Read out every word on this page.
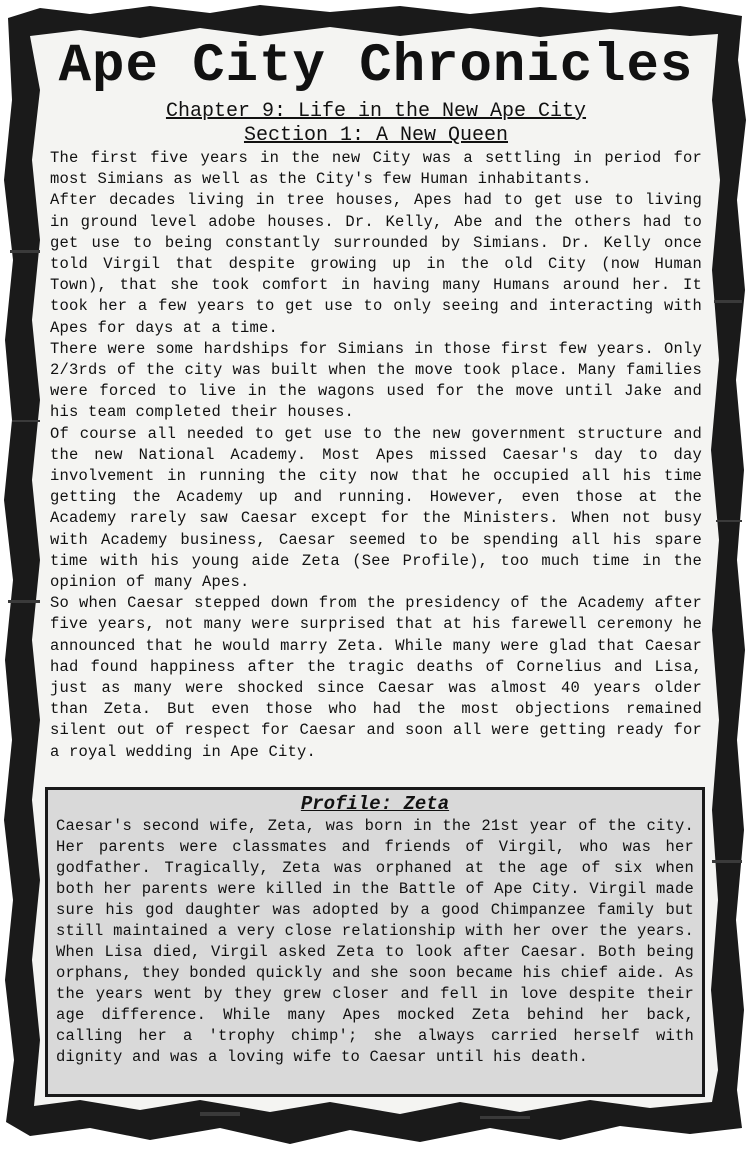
Ape City Chronicles
Chapter 9: Life in the New Ape City
Section 1: A New Queen

The first five years in the new City was a settling in period for most Simians as well as the City's few Human inhabitants.

After decades living in tree houses, Apes had to get use to living in ground level adobe houses. Dr. Kelly, Abe and the others had to get use to being constantly surrounded by Simians. Dr. Kelly once told Virgil that despite growing up in the old City (now Human Town), that she took comfort in having many Humans around her. It took her a few years to get use to only seeing and interacting with Apes for days at a time.

There were some hardships for Simians in those first few years. Only 2/3rds of the city was built when the move took place. Many families were forced to live in the wagons used for the move until Jake and his team completed their houses.

Of course all needed to get use to the new government structure and the new National Academy. Most Apes missed Caesar's day to day involvement in running the city now that he occupied all his time getting the Academy up and running. However, even those at the Academy rarely saw Caesar except for the Ministers. When not busy with Academy business, Caesar seemed to be spending all his spare time with his young aide Zeta (See Profile), too much time in the opinion of many Apes.

So when Caesar stepped down from the presidency of the Academy after five years, not many were surprised that at his farewell ceremony he announced that he would marry Zeta. While many were glad that Caesar had found happiness after the tragic deaths of Cornelius and Lisa, just as many were shocked since Caesar was almost 40 years older than Zeta. But even those who had the most objections remained silent out of respect for Caesar and soon all were getting ready for a royal wedding in Ape City.

Profile: Zeta

Caesar's second wife, Zeta, was born in the 21st year of the city. Her parents were classmates and friends of Virgil, who was her godfather. Tragically, Zeta was orphaned at the age of six when both her parents were killed in the Battle of Ape City. Virgil made sure his god daughter was adopted by a good Chimpanzee family but still maintained a very close relationship with her over the years. When Lisa died, Virgil asked Zeta to look after Caesar. Both being orphans, they bonded quickly and she soon became his chief aide. As the years went by they grew closer and fell in love despite their age difference. While many Apes mocked Zeta behind her back, calling her a 'trophy chimp'; she always carried herself with dignity and was a loving wife to Caesar until his death.
